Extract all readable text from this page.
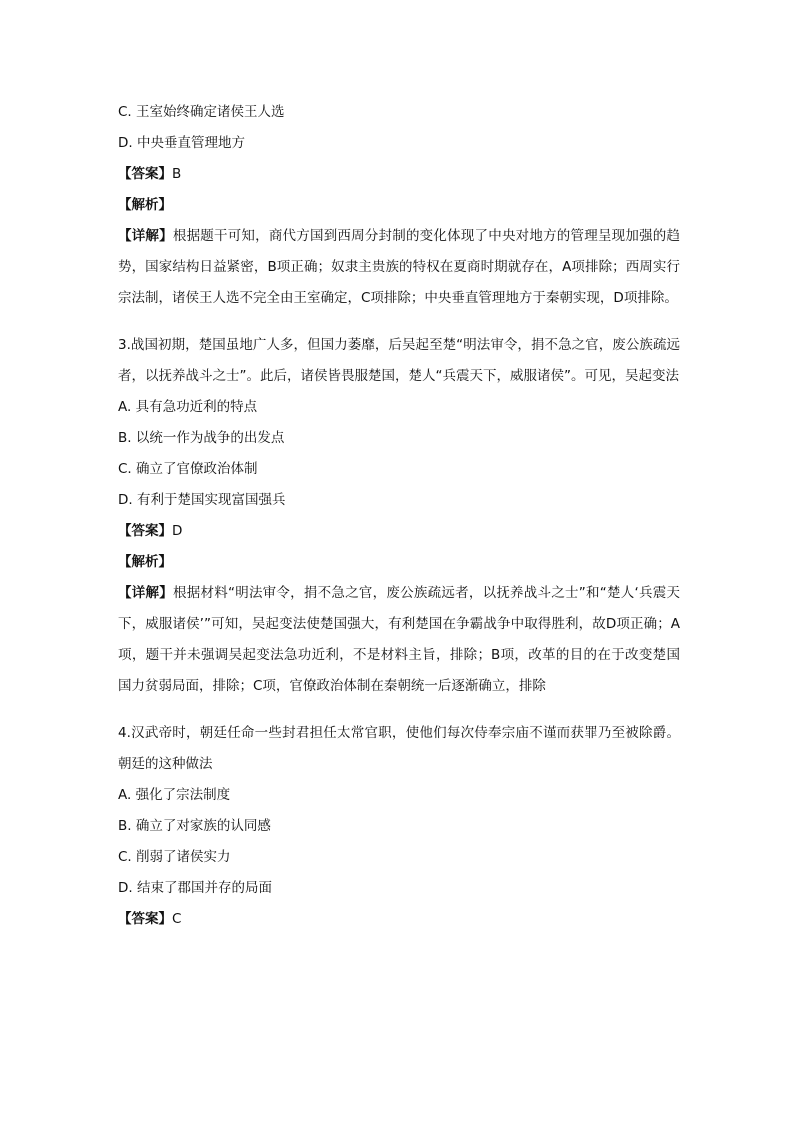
C. 王室始终确定诸侯王人选
D. 中央垂直管理地方
【答案】B
【解析】
【详解】根据题干可知，商代方国到西周分封制的变化体现了中央对地方的管理呈现加强的趋势，国家结构日益紧密，B项正确；奴隶主贵族的特权在夏商时期就存在，A项排除；西周实行宗法制，诸侯王人选不完全由王室确定，C项排除；中央垂直管理地方于秦朝实现，D项排除。
3.战国初期，楚国虽地广人多，但国力萎靡，后吴起至楚“明法审令，捐不急之官，废公族疏远者，以抚养战斗之士”。此后，诸侯皆畏服楚国，楚人“兵震天下，威服诸侯”。可见，吴起变法
A. 具有急功近利的特点
B. 以统一作为战争的出发点
C. 确立了官僚政治体制
D. 有利于楚国实现富国强兵
【答案】D
【解析】
【详解】根据材料“明法审令，捐不急之官，废公族疏远者，以抚养战斗之士”和“楚人‘兵震天下，威服诸侯’”可知，吴起变法使楚国强大，有利楚国在争霸战争中取得胜利，故D项正确；A项，题干并未强调吴起变法急功近利，不是材料主旨，排除；B项，改革的目的在于改变楚国国力贫弱局面，排除；C项，官僚政治体制在秦朝统一后逐渐确立，排除
4.汉武帝时，朝廷任命一些封君担任太常官职，使他们每次侍奉宗庙不谨而获罪乃至被除爵。朝廷的这种做法
A. 强化了宗法制度
B. 确立了对家族的认同感
C. 削弱了诸侯实力
D. 结束了郡国并存的局面
【答案】C
